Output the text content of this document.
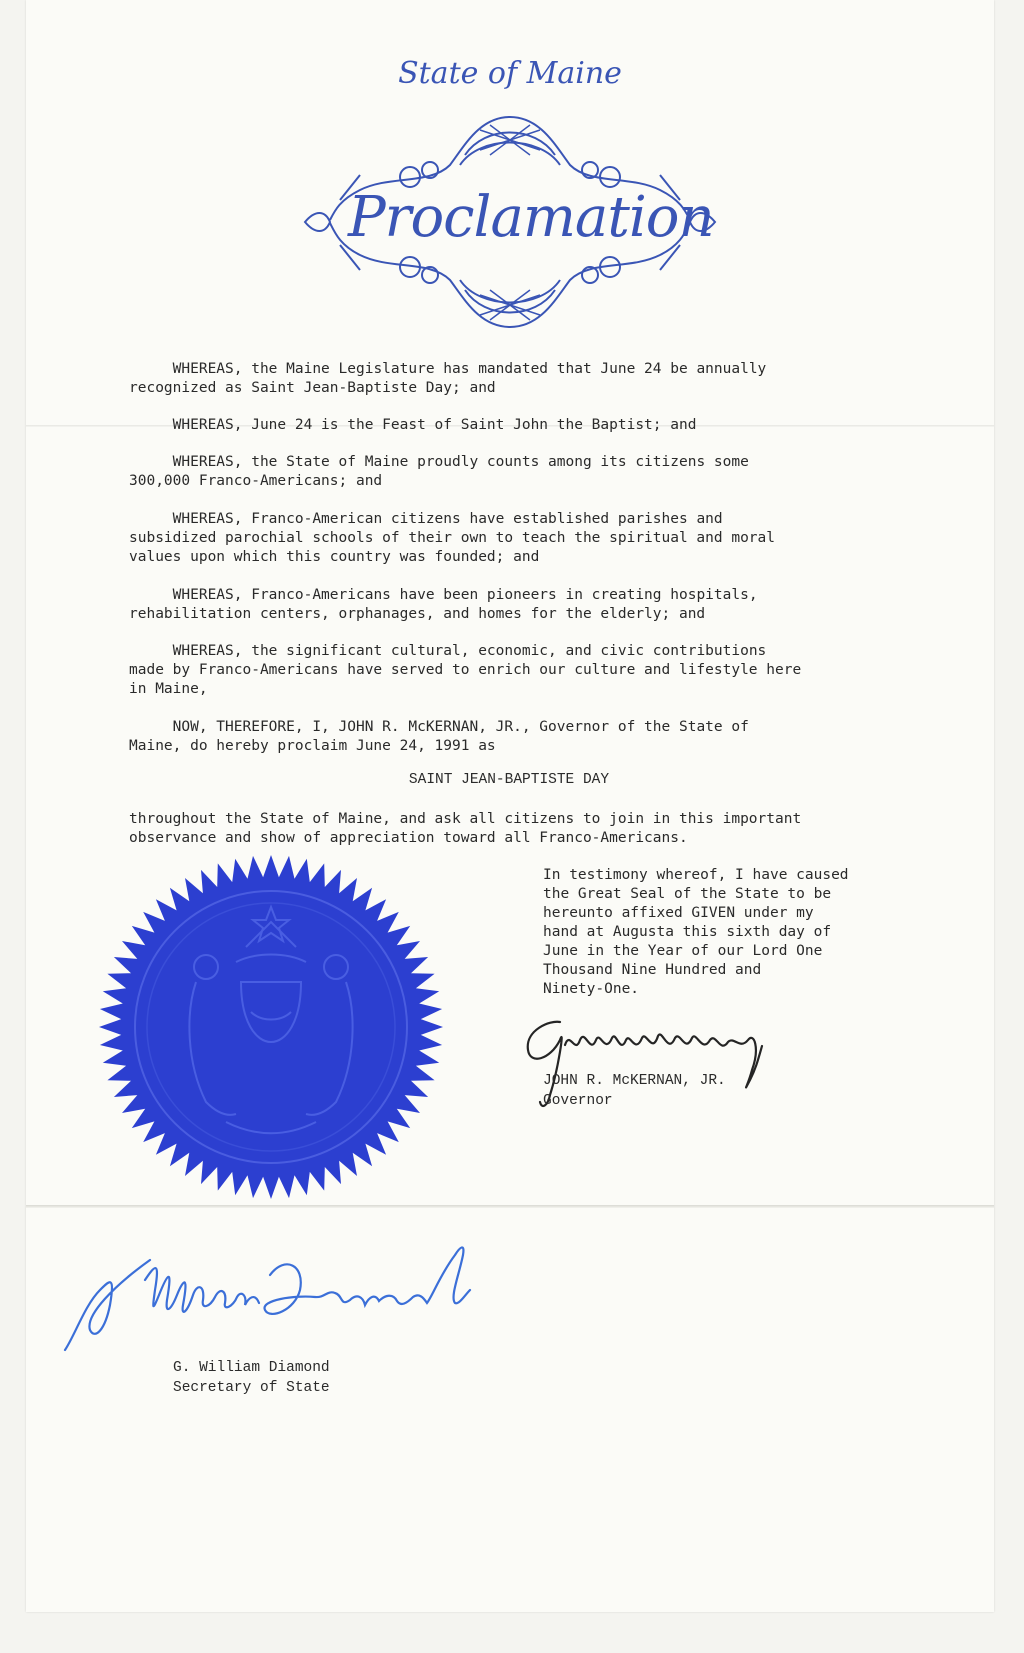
State of Maine
Proclamation
WHEREAS, the Maine Legislature has mandated that June 24 be annually
recognized as Saint Jean-Baptiste Day; and
WHEREAS, June 24 is the Feast of Saint John the Baptist; and
WHEREAS, the State of Maine proudly counts among its citizens some
300,000 Franco-Americans; and
WHEREAS, Franco-American citizens have established parishes and
subsidized parochial schools of their own to teach the spiritual and moral
values upon which this country was founded; and
WHEREAS, Franco-Americans have been pioneers in creating hospitals,
rehabilitation centers, orphanages, and homes for the elderly; and
WHEREAS, the significant cultural, economic, and civic contributions
made by Franco-Americans have served to enrich our culture and lifestyle here
in Maine,
NOW, THEREFORE, I, JOHN R. McKERNAN, JR., Governor of the State of
Maine, do hereby proclaim June 24, 1991 as
SAINT JEAN-BAPTISTE DAY
throughout the State of Maine, and ask all citizens to join in this important
observance and show of appreciation toward all Franco-Americans.
In testimony whereof, I have caused
the Great Seal of the State to be
hereunto affixed GIVEN under my
hand at Augusta this sixth day of
June in the Year of our Lord One
Thousand Nine Hundred and
Ninety-One.
JOHN R. McKERNAN, JR.
Governor
G. William Diamond
Secretary of State
